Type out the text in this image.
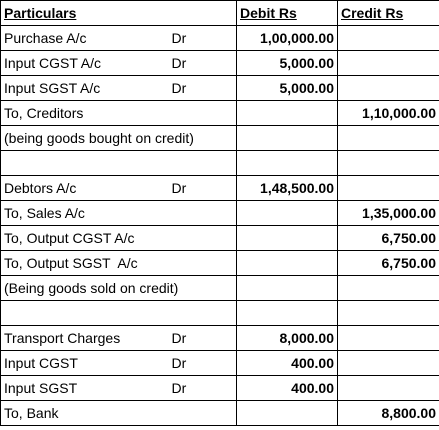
Particulars		Debit Rs	Credit Rs
Purchase A/c	Dr	1,00,000.00	
Input CGST A/c	Dr	5,000.00	
Input SGST A/c	Dr	5,000.00	
To, Creditors			1,10,000.00
(being goods bought on credit)			

Debtors A/c	Dr	1,48,500.00	
To, Sales A/c			1,35,000.00
To, Output CGST A/c			6,750.00
To, Output SGST  A/c			6,750.00
(Being goods sold on credit)			

Transport Charges	Dr	8,000.00	
Input CGST	Dr	400.00	
Input SGST	Dr	400.00	
To, Bank			8,800.00
